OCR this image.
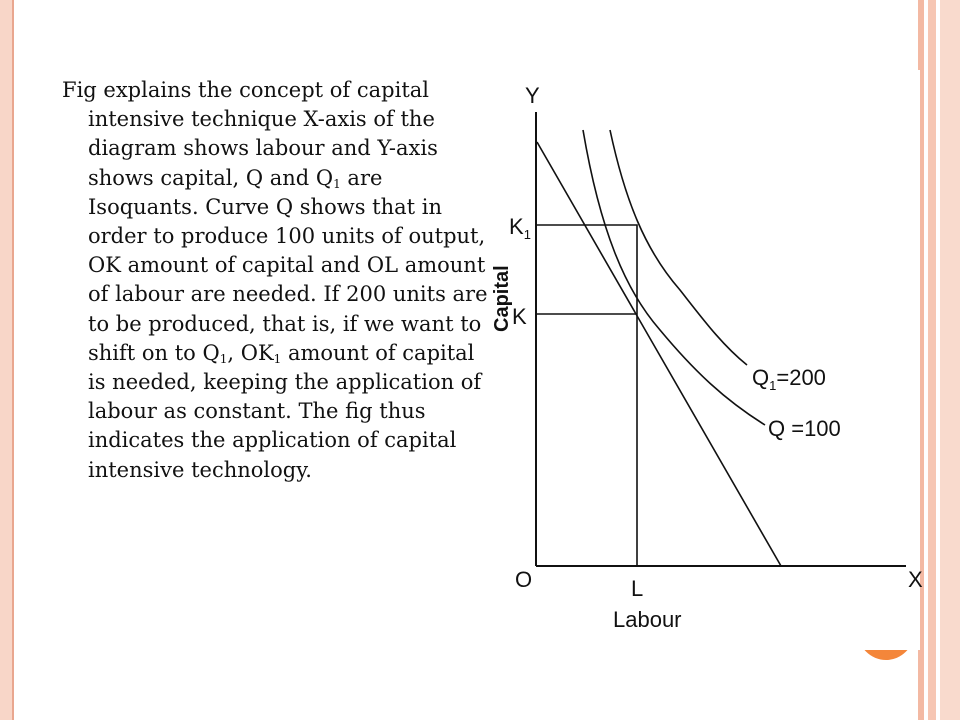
Fig explains the concept of capital intensive technique X-axis of the diagram shows labour and Y-axis shows capital, Q and $Q_1$ are Isoquants. Curve Q shows that in order to produce 100 units of output, OK amount of capital and OL amount of labour are needed. If 200 units are to be produced, that is, if we want to shift on to $Q_1$, $OK_1$ amount of capital is needed, keeping the application of labour as constant. The fig thus indicates the application of capital intensive technology.
Y
X
O
$K_1$
K
L
Capital
Labour
$Q_1=200$
Q =100
